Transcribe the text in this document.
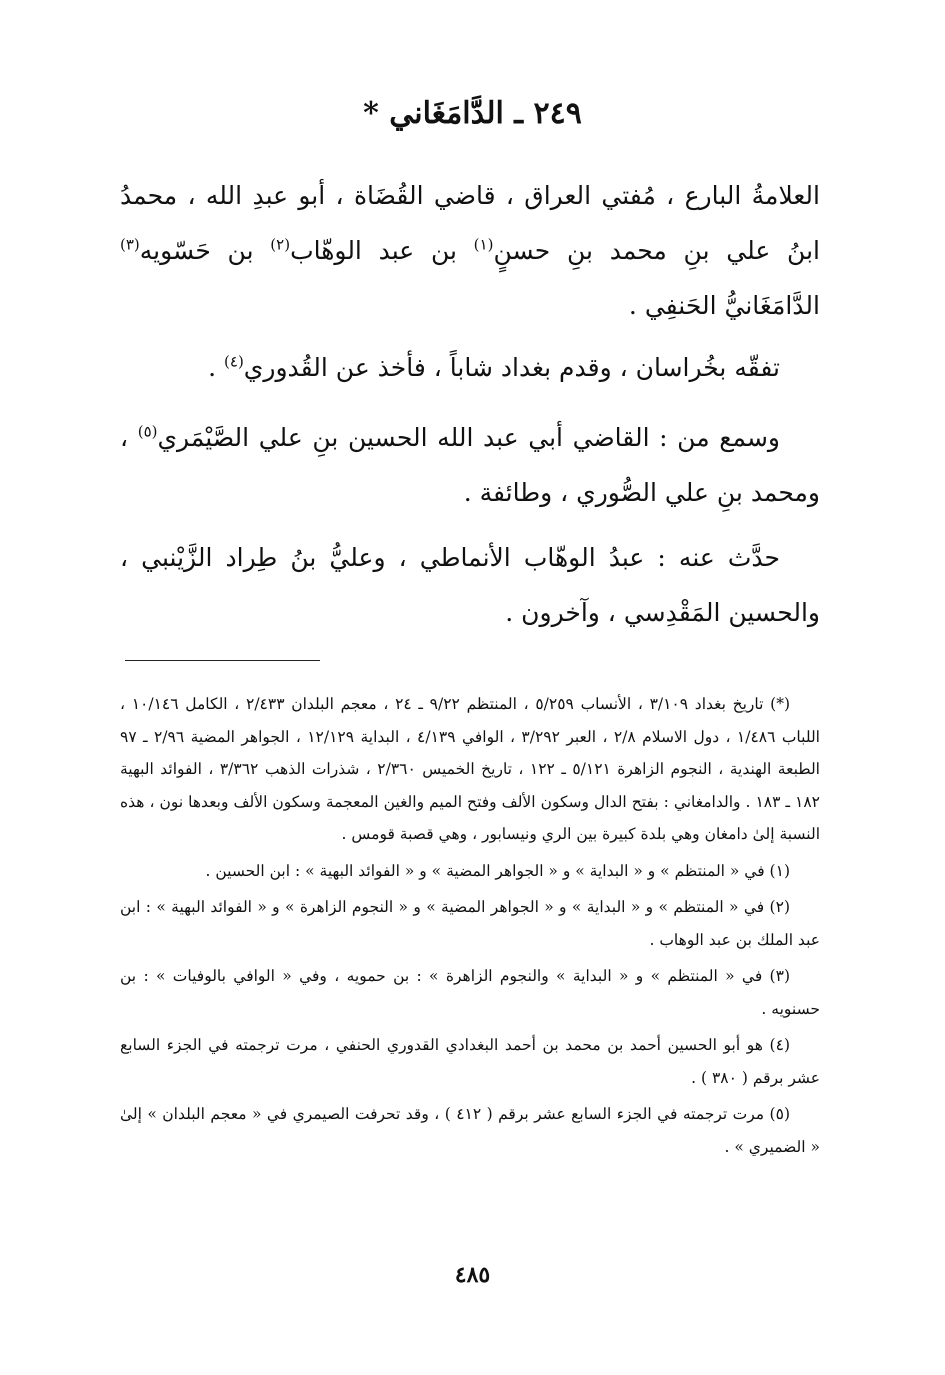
٢٤٩ ـ الدَّامَغَاني *

العلامةُ البارع ، مُفتي العراق ، قاضي القُضَاة ، أبو عبدِ الله ، محمدُ ابنُ علي بنِ محمد بنِ حسنٍ$^{(١)}$ بن عبد الوهّاب$^{(٢)}$ بن حَسّويه$^{(٣)}$ الدَّامَغَانيُّ الحَنفِي .

تفقّه بخُراسان ، وقدم بغداد شاباً ، فأخذ عن القُدوري$^{(٤)}$ .

وسمع من : القاضي أبي عبد الله الحسين بنِ علي الصَّيْمَري$^{(٥)}$ ، ومحمد بنِ علي الصُّوري ، وطائفة .

حدَّث عنه : عبدُ الوهّاب الأنماطي ، وعليُّ بنُ طِراد الزَّيْنبي ، والحسين المَقْدِسي ، وآخرون .

(*) تاريخ بغداد ٣/١٠٩ ، الأنساب ٥/٢٥٩ ، المنتظم ٩/٢٢ ـ ٢٤ ، معجم البلدان ٢/٤٣٣ ، الكامل ١٠/١٤٦ ، اللباب ١/٤٨٦ ، دول الاسلام ٢/٨ ، العبر ٣/٢٩٢ ، الوافي ٤/١٣٩ ، البداية ١٢/١٢٩ ، الجواهر المضية ٢/٩٦ ـ ٩٧ الطبعة الهندية ، النجوم الزاهرة ٥/١٢١ ـ ١٢٢ ، تاريخ الخميس ٢/٣٦٠ ، شذرات الذهب ٣/٣٦٢ ، الفوائد البهية ١٨٢ ـ ١٨٣ . والدامغاني : بفتح الدال وسكون الألف وفتح الميم والغين المعجمة وسكون الألف وبعدها نون ، هذه النسبة إلىٰ دامغان وهي بلدة كبيرة بين الري ونيسابور ، وهي قصبة قومس .

(١) في « المنتظم » و « البداية » و « الجواهر المضية » و « الفوائد البهية » : ابن الحسين .

(٢) في « المنتظم » و « البداية » و « الجواهر المضية » و « النجوم الزاهرة » و « الفوائد البهية » : ابن عبد الملك بن عبد الوهاب .

(٣) في « المنتظم » و « البداية » والنجوم الزاهرة » : بن حمويه ، وفي « الوافي بالوفيات » : بن حسنويه .

(٤) هو أبو الحسين أحمد بن محمد بن أحمد البغدادي القدوري الحنفي ، مرت ترجمته في الجزء السابع عشر برقم ( ٣٨٠ ) .

(٥) مرت ترجمته في الجزء السابع عشر برقم ( ٤١٢ ) ، وقد تحرفت الصيمري في « معجم البلدان » إلىٰ « الضميري » .

٤٨٥
